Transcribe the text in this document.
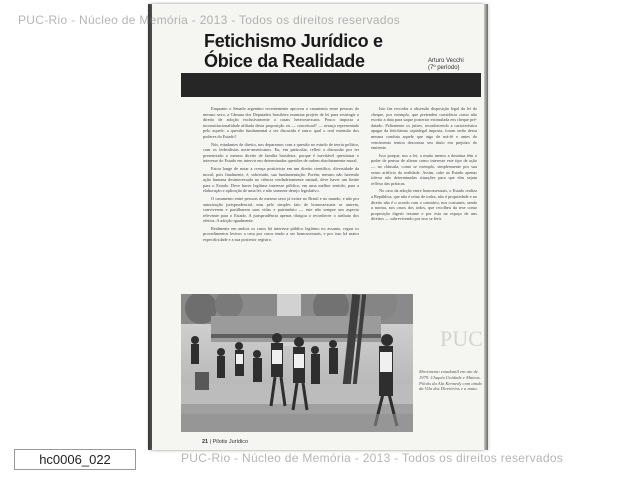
PUC-Rio - Núcleo de Memória - 2013 - Todos os direitos reservados
Fetichismo Jurídico e
Óbice da Realidade	Arturo Vecchi
(7º período)

Enquanto o Senado argentino recentemente aprovou o casamento entre pessoas do mesmo sexo, a Câmara dos Deputados brasileira examina projeto de lei para restringir o direito de adoção exclusivamente a casais heterossexuais. Pouco importa a inconstitucionalidade afiliada desta proposição ou — conceitual? — avança representado pelo aquele, a questão fundamental a ser discutida é outra: qual o real extensão dos poderes do Estado?

Nós, estudantes de direito, nos deparamos com a questão no estudo de teoria política, com os federalistas norte-americanos. Eu, em particular, refleti a discussão por ter presenciado o mesmo direito de família brasileira, porque é inevitável questionar o interesse do Estado em intervir em determinadas questões de ordem absolutamente moral.

Estou longe de notar a crença positivista em um direito científico, diversidade da moral, pois finalmente, é, sobretudo, sua fundamentação. Porém, mesmo não havendo ação humana desinteressada no ciência verdadeiramente natural, deve haver um limite para o Estado. Deve haver legítima interesse público, em uma melhor sentido, para a elaboração e aplicação de uma lei, e não somente desejo legislativo.

O casamento entre pessoas do mesmo sexo já existe no Brasil e no mundo, e não por autorização jurisprudencial, mas pelo simples fato de homossexuais se unirem, conviverem e partilharem suas vidas e patrimônio — este não sempre um aspecto relevante para o Estado. A jurisprudência apenas obrigou o reconhecer o atributo dos efeitos. A adoção igualmente.

Realmente em ambos os casos há interesse público legítimo no assunto, regrar os procedimentos lesivos a casa por casos tendo a ser homossexuais, e por isso há maior especificidade e a sua posterior registro.

Isto faz recordar a obsessão disposição legal da lei do cheque, por exemplo, que pretendeu considerar como não escrito a data para saque posterior estimulada em cheque pré-datado. Felizmente os juízes, reconhecendo a característica apagar da fetichismo captalegal imposta, foram serão dessa mesma conduta aquele que atgo de má-fé e antes do vencimento tentou descontar seu título em prejuízo do emitente.

Isso porque, nos a lei, a muito menos a doutrina têm o poder de pensar de alterar como interesse este tipo de ação — no cláusula, como se exemplo, simplesmente por sua senso artificio da realidade. Assim, cabe ao Estado apenas tolerar não determinadas situações para que elas sejam reflexo das práticas.

No caso da adoção entre homossexuais, o Estado realiza a República, que não é reino de todos, não é propriedade e no direito não é o acordo com o contrário, nos costumes, sendo a norma, nos casos dos todos, que recolheu da tese como proposição digerir resume e por esta na espaço de uns direitos — sobrevivendo por isso se ferir.

PUC
Movimento estudantil em ato de 1979. Chapéu Unidade e Mateus. Pilotis da Ala Kennedy com ainda da Vila dos Diretórios e a mata.
21 | Pilotis Jurídico
hc0006_022	PUC-Rio - Núcleo de Memória - 2013 - Todos os direitos reservados
